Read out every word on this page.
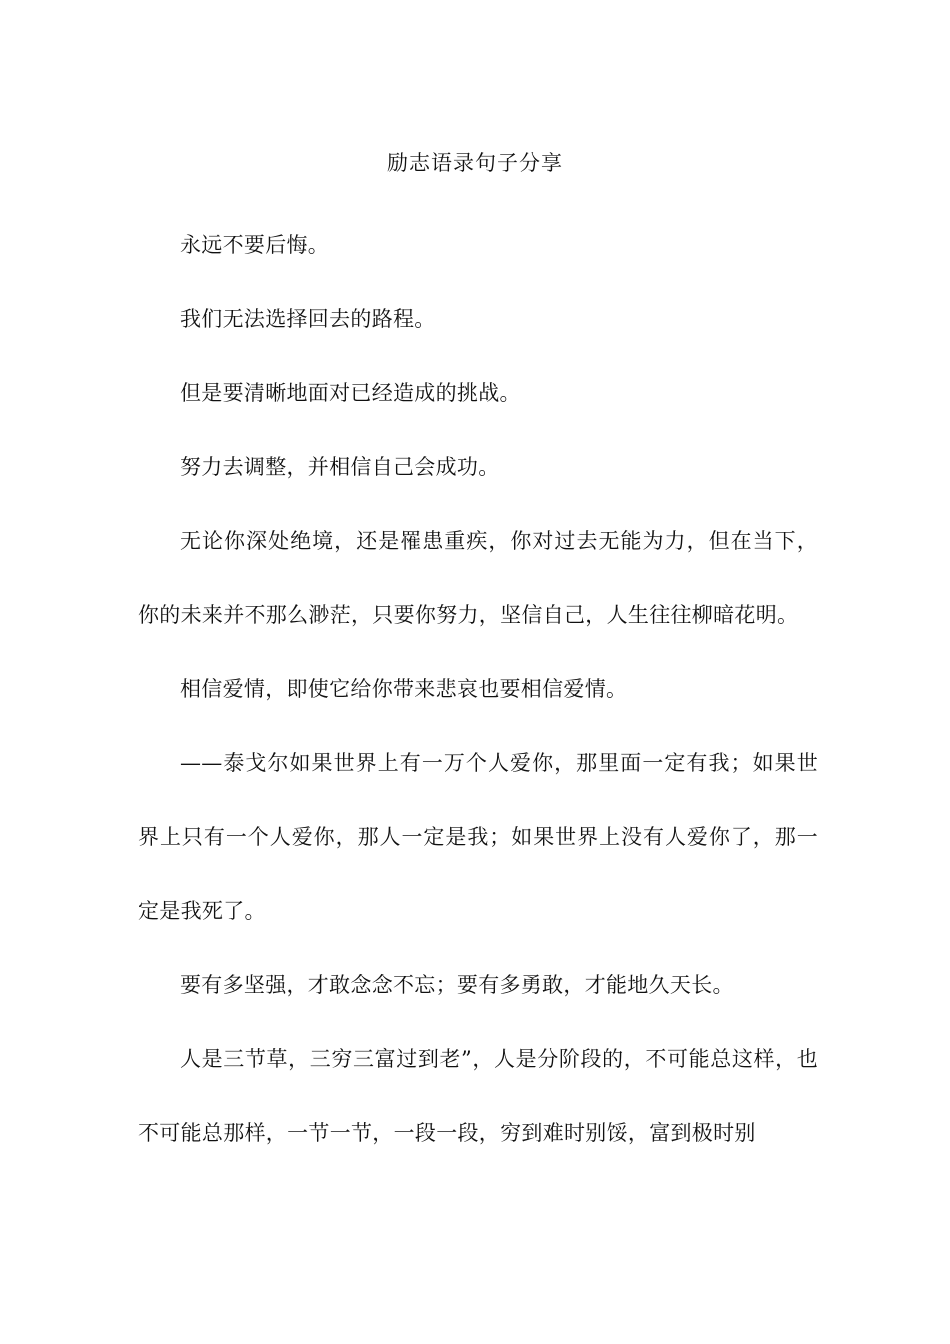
励志语录句子分享

永远不要后悔。

我们无法选择回去的路程。

但是要清晰地面对已经造成的挑战。

努力去调整，并相信自己会成功。

无论你深处绝境，还是罹患重疾，你对过去无能为力，但在当下，你的未来并不那么渺茫，只要你努力，坚信自己，人生往往柳暗花明。

相信爱情，即使它给你带来悲哀也要相信爱情。

——泰戈尔如果世界上有一万个人爱你，那里面一定有我；如果世界上只有一个人爱你，那人一定是我；如果世界上没有人爱你了，那一定是我死了。

要有多坚强，才敢念念不忘；要有多勇敢，才能地久天长。

人是三节草，三穷三富过到老”，人是分阶段的，不可能总这样，也不可能总那样，一节一节，一段一段，穷到难时别馁，富到极时别
